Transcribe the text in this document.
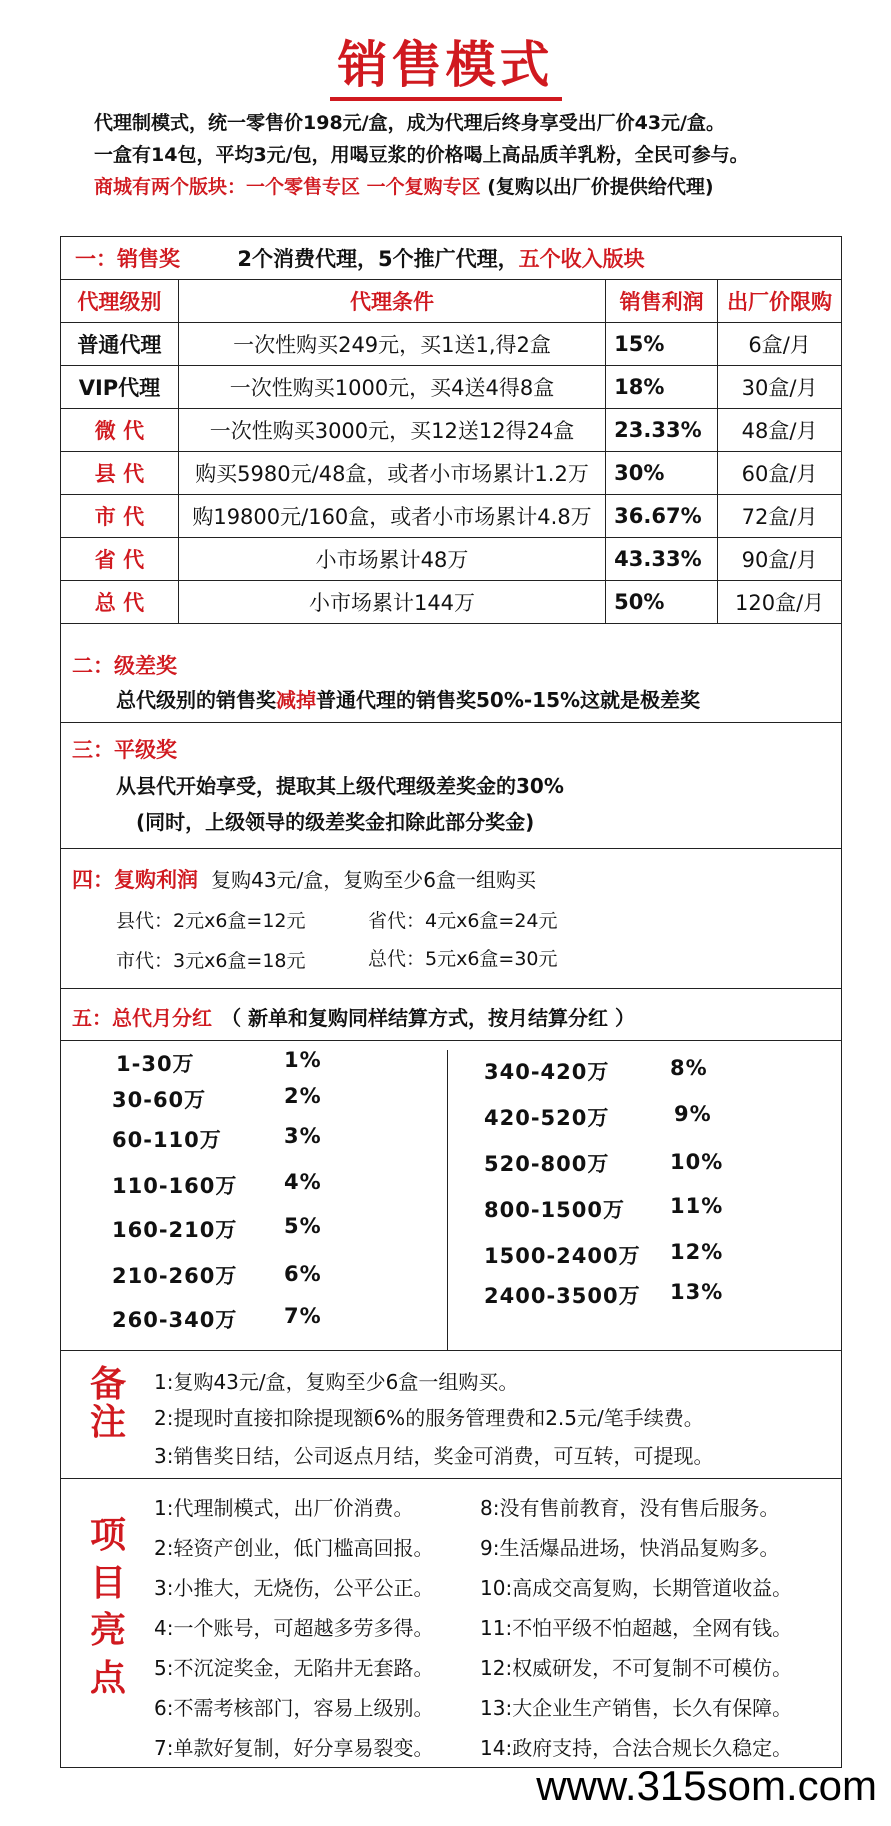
销售模式
代理制模式，统一零售价198元/盒，成为代理后终身享受出厂价43元/盒。
一盒有14包，平均3元/包，用喝豆浆的价格喝上高品质羊乳粉，全民可参与。
商城有两个版块：一个零售专区 一个复购专区 (复购以出厂价提供给代理)
一：销售奖 2个消费代理，5个推广代理，五个收入版块			
代理级别	代理条件	销售利润	出厂价限购
普通代理	一次性购买249元，买1送1,得2盒	15%	6盒/月
VIP代理	一次性购买1000元，买4送4得8盒	18%	30盒/月
微 代	一次性购买3000元，买12送12得24盒	23.33%	48盒/月
县 代	购买5980元/48盒，或者小市场累计1.2万	30%	60盒/月
市 代	购19800元/160盒，或者小市场累计4.8万	36.67%	72盒/月
省 代	小市场累计48万	43.33%	90盒/月
总 代	小市场累计144万	50%	120盒/月
二：级差奖
总代级别的销售奖减掉普通代理的销售奖50%-15%这就是极差奖
三：平级奖
从县代开始享受，提取其上级代理级差奖金的30%
(同时，上级领导的级差奖金扣除此部分奖金)
四：复购利润 复购43元/盒，复购至少6盒一组购买
县代：2元x6盒=12元	省代：4元x6盒=24元
市代：3元x6盒=18元	总代：5元x6盒=30元
五：总代月分红 （ 新单和复购同样结算方式，按月结算分红 ）
1-30万	1%
30-60万	2%
60-110万	3%
110-160万 4%
160-210万 5%
210-260万 6%
260-340万 7%
340-420万	8%
420-520万	9%
520-800万	10%
800-1500万 11%
1500-2400万 12%
2400-3500万 13%
备注
1:复购43元/盒，复购至少6盒一组购买。
2:提现时直接扣除提现额6%的服务管理费和2.5元/笔手续费。
3:销售奖日结，公司返点月结，奖金可消费，可互转，可提现。
项目亮点
1:代理制模式，出厂价消费。
2:轻资产创业，低门槛高回报。
3:小推大，无烧伤，公平公正。
4:一个账号，可超越多劳多得。
5:不沉淀奖金，无陷井无套路。
6:不需考核部门，容易上级别。
7:单款好复制，好分享易裂变。
8:没有售前教育，没有售后服务。
9:生活爆品进场，快消品复购多。
10:高成交高复购，长期管道收益。
11:不怕平级不怕超越，全网有钱。
12:权威研发，不可复制不可模仿。
13:大企业生产销售，长久有保障。
14:政府支持，合法合规长久稳定。
www.315som.com
